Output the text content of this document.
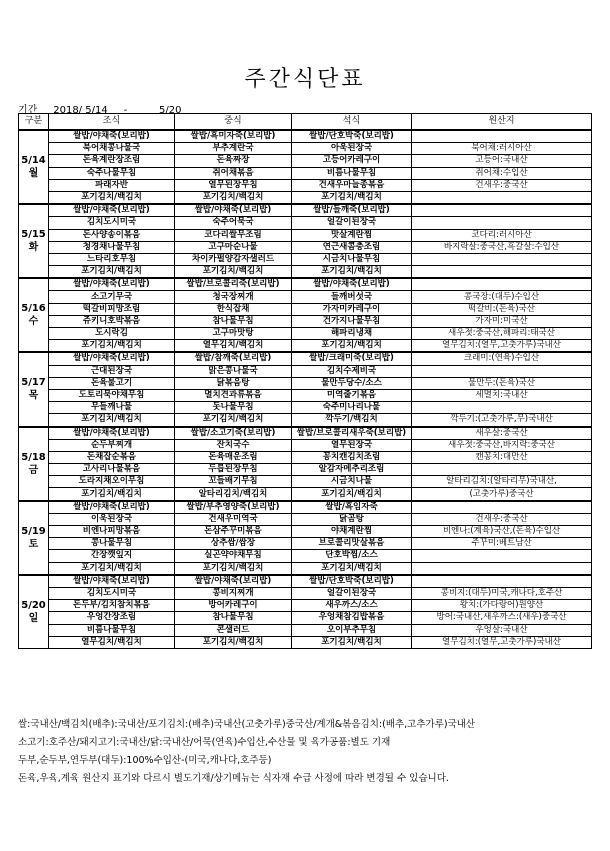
주간식단표
기간 2018/ 5/14 -	5/20
구분	조식	중식	석식	원산지

5/14
월	쌀밥/야채죽(보리밥)	쌀밥/흑미자죽(보리밥)	쌀밥/단호박죽(보리밥)	
	북어채콩나물국	부추계란국	아욱된장국	북어채:러시아산
	돈육계란장조림	돈육짜장	고등어카레구이	고등어:국내산
	숙주나물무침	쥐어채볶음	비름나물무침	쥐어채:수입산
	파래자반	열무된장무침	건새우마늘종볶음	건새우:중국산
	포기김치/백김치	포기김치/백김치	포기김치/백김치	

5/15
화	쌀밥/야채죽(보리밥)	쌀밥/야채죽(보리밥)	쌀밥/들깨죽(보리밥)	
	김치도시미국	숙주어묵국	얼갈이된장국	
	돈사양송이볶음	코다리쌀무조림	맛살계란찜	코다리:러시아산
	청경채나물무침	고구마순나물	연근새콤충조림	바지락살:중국산,흑갈살:수입산
	느타리호무침	차이카펄양감자샐러드	시금치나물무침	
	포기김치/백김치	포기김치/백김치	포기김치/백김치	

5/16
수	쌀밥/야채죽(보리밥)	쌀밥/브로콜리죽(보리밥)	쌀밥/야채죽(보리밥)	
	소고기무국	청국장찌개	들깨버섯국	콩국장:(대두)수입산
	떡갈비피망조림	한식잡채	가자미카레구이	떡갈비:(돈육)국산
	쥬키니호박볶음	참나물무침	건가지나물무침	가자미:미국산
	도시락김	고구마맛탕	해파리냉채	새우젓:중국산,해파리:태국산
	포기김치/백김치	열무김치/백김치	포기김치/백김치	열무김치:(열무,고춧가루)국내산

5/17
목	쌀밥/야채죽(보리밥)	쌀밥/참깨죽(보리밥)	쌀밥/크래미죽(보리밥)	크래미:(연육)수입산
	근대된장국	맑은콩나물국	김치수제비국	
	돈육불고기	닭볶음탕	물만두당수/소스	물만두:(돈육)국산
	도토리묵야채무침	멸치견과류볶음	미역줄기볶음	세멸치:국내산
	무들깨나물	돗나물무침	숙주미나리나물	
	포기김치/백김치	포기김치/백김치	깍두기/백김치	깍두기:(고춧가루,무)국내산

5/18
금	쌀밥/야채죽(보리밥)	쌀밥/소고기죽(보리밥)	쌀밥/브로콜리새우죽(보리밥)	새우살:중국산
	순두부찌개	잔치국수	열무된장국	새우젓:중국산,바지락:중국산
	돈채잡순볶음	돈육매운조림	꽁치캔김치조림	캔꽁치:대만산
	고사리나물볶음	두릅된장무침	알감자메추리조림	
	도라지채오이무침	꼬들배기무침	시금치나물	알타리김치:(알타리무)국내산,
	포기김치/백김치	알타리김치/백김치	포기김치/백김치	(고춧가루)중국산

5/19
토	쌀밥/야채죽(보리밥)	쌀밥/부추영양죽(보리밥)	쌀밥/흑임자죽	
	이욱된장국	건새우미역국	닭곰탕	건새우:중국산
	비엔나피망볶음	돈삼주꾸미볶음	야채계란찜	비엔나:(계육)국산,(돈육)수입산
	콩나물무침	상추쌈/쌈장	브로콜리맛살볶음	주꾸미:베트남산
	간장깻잎지	실곤약야채무침	단호박찜/소스	
	포기김치/백김치	포기김치/백김치	포기김치/백김치	

5/20
일	쌀밥/야채죽(보리밥)	쌀밥/야채죽(보리밥)	쌀밥/단호박죽(보리밥)	
	김치도시미국	콩비지찌개	얼갈이된장국	콩비지:(대두)미국,캐나다,호주산
	돈두부/김치참치볶음	방어카레구이	새우까스/소스	왕치:(가다랑어)원양산
	우엉간장조림	참나물무침	우엉채참김밥볶음	방어:국내산,새우까스:(새우)중국산
	비름나물무침	콘샐러드	오이부추무침	우엉살:국내산
	열무김치/백김치	포기김치/백김치	포기김치/백김치	열무김치:(열무,고춧가루)국내산
쌀:국내산/백김치(배추):국내산/포기김치:(배추)국내산(고춧가루)중국산/계개&볶음김치:(배추,고추가루)국내산
소고기:호주산/돼지고기:국내산/닭:국내산/어묵(연육)수입산,수산물 및 육가공품:별도 기재
두부,순두부,연두부(대두):100%수입산-(미국,캐나다,호주등)
돈육,우육,계육 원산지 표기와 다르시 별도기재/상기메뉴는 식자재 수급 사정에 따라 변경될 수 있습니다.
